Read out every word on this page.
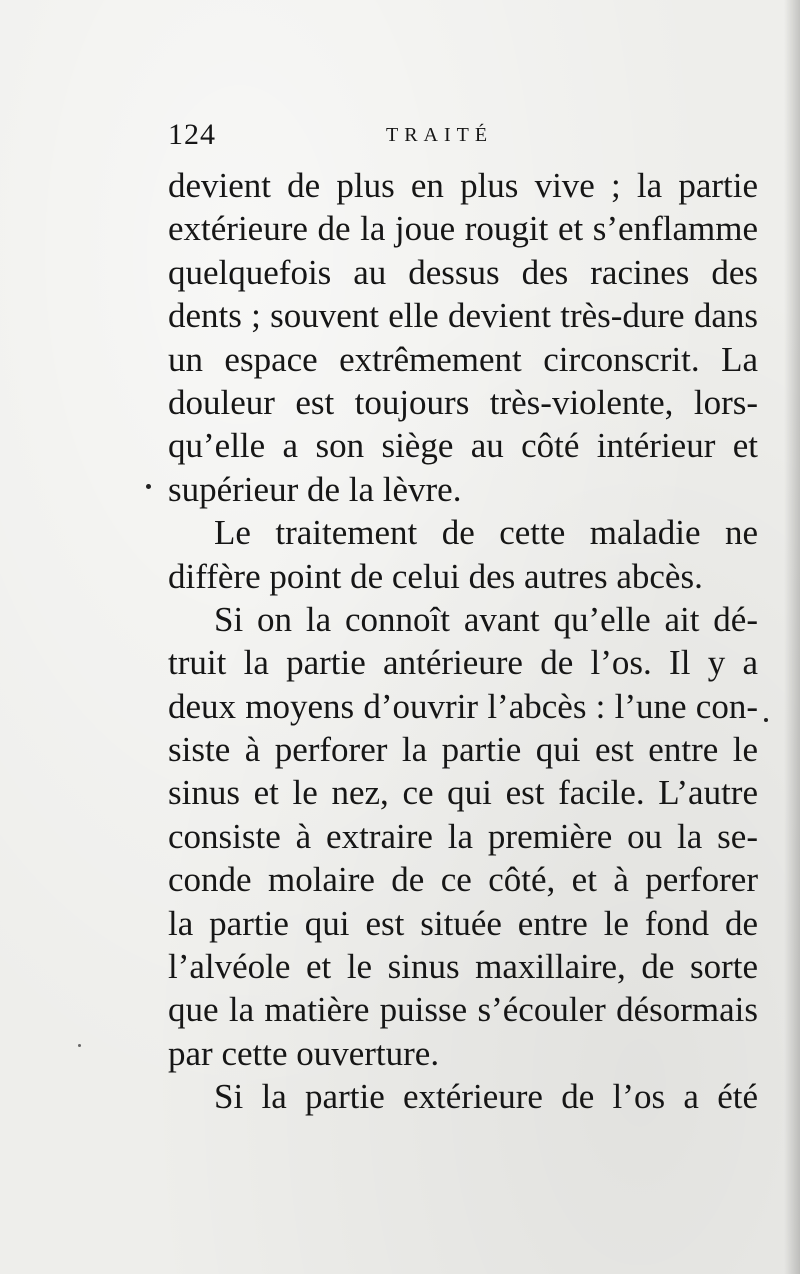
124	TRAITÉ
devient de plus en plus vive ; la partie
extérieure de la joue rougit et s’enflamme
quelquefois au dessus des racines des
dents ; souvent elle devient très-dure dans
un espace extrêmement circonscrit. La
douleur est toujours très-violente, lors-
qu’elle a son siège au côté intérieur et
supérieur de la lèvre.
Le traitement de cette maladie ne
diffère point de celui des autres abcès.
Si on la connoît avant qu’elle ait dé-
truit la partie antérieure de l’os. Il y a
deux moyens d’ouvrir l’abcès : l’une con-
siste à perforer la partie qui est entre le
sinus et le nez, ce qui est facile. L’autre
consiste à extraire la première ou la se-
conde molaire de ce côté, et à perforer
la partie qui est située entre le fond de
l’alvéole et le sinus maxillaire, de sorte
que la matière puisse s’écouler désormais
par cette ouverture.
Si la partie extérieure de l’os a été
